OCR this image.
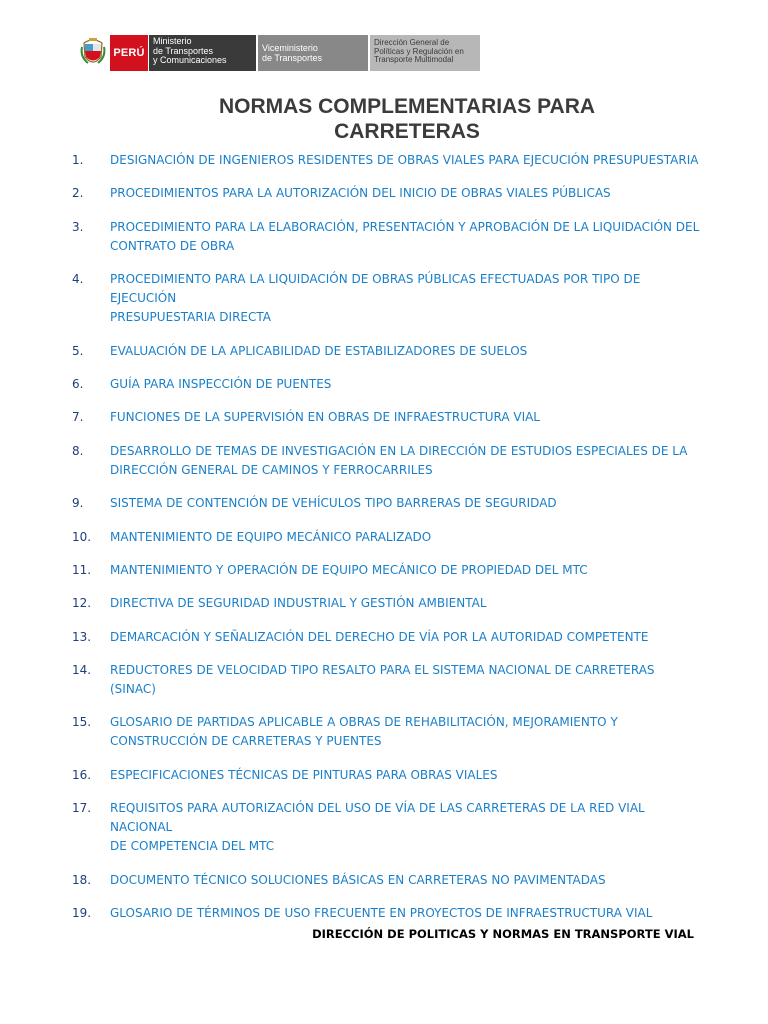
PERÚ
Ministerio
de Transportes
y Comunicaciones
Viceministerio
de Transportes
Dirección General de
Políticas y Regulación en
Transporte Multimodal
NORMAS COMPLEMENTARIAS PARA
CARRETERAS
1.	DESIGNACIÓN DE INGENIEROS RESIDENTES DE OBRAS VIALES PARA EJECUCIÓN PRESUPUESTARIA
2.	PROCEDIMIENTOS PARA LA AUTORIZACIÓN DEL INICIO DE OBRAS VIALES PÚBLICAS
3.	PROCEDIMIENTO PARA LA ELABORACIÓN, PRESENTACIÓN Y APROBACIÓN DE LA LIQUIDACIÓN DEL
CONTRATO DE OBRA
4.	PROCEDIMIENTO PARA LA LIQUIDACIÓN DE OBRAS PÚBLICAS EFECTUADAS POR TIPO DE EJECUCIÓN
PRESUPUESTARIA DIRECTA
5.	EVALUACIÓN DE LA APLICABILIDAD DE ESTABILIZADORES DE SUELOS
6.	GUÍA PARA INSPECCIÓN DE PUENTES
7.	FUNCIONES DE LA SUPERVISIÓN EN OBRAS DE INFRAESTRUCTURA VIAL
8.	DESARROLLO DE TEMAS DE INVESTIGACIÓN EN LA DIRECCIÓN DE ESTUDIOS ESPECIALES DE LA
DIRECCIÓN GENERAL DE CAMINOS Y FERROCARRILES
9.	SISTEMA DE CONTENCIÓN DE VEHÍCULOS TIPO BARRERAS DE SEGURIDAD
10.	MANTENIMIENTO DE EQUIPO MECÁNICO PARALIZADO
11.	MANTENIMIENTO Y OPERACIÓN DE EQUIPO MECÁNICO DE PROPIEDAD DEL MTC
12.	DIRECTIVA DE SEGURIDAD INDUSTRIAL Y GESTIÓN AMBIENTAL
13.	DEMARCACIÓN Y SEÑALIZACIÓN DEL DERECHO DE VÍA POR LA AUTORIDAD COMPETENTE
14.	REDUCTORES DE VELOCIDAD TIPO RESALTO PARA EL SISTEMA NACIONAL DE CARRETERAS (SINAC)
15.	GLOSARIO DE PARTIDAS APLICABLE A OBRAS DE REHABILITACIÓN, MEJORAMIENTO Y
CONSTRUCCIÓN DE CARRETERAS Y PUENTES
16.	ESPECIFICACIONES TÉCNICAS DE PINTURAS PARA OBRAS VIALES
17.	REQUISITOS PARA AUTORIZACIÓN DEL USO DE VÍA DE LAS CARRETERAS DE LA RED VIAL NACIONAL
DE COMPETENCIA DEL MTC
18.	DOCUMENTO TÉCNICO SOLUCIONES BÁSICAS EN CARRETERAS NO PAVIMENTADAS
19.	GLOSARIO DE TÉRMINOS DE USO FRECUENTE EN PROYECTOS DE INFRAESTRUCTURA VIAL
DIRECCIÓN DE POLITICAS Y NORMAS EN TRANSPORTE VIAL
